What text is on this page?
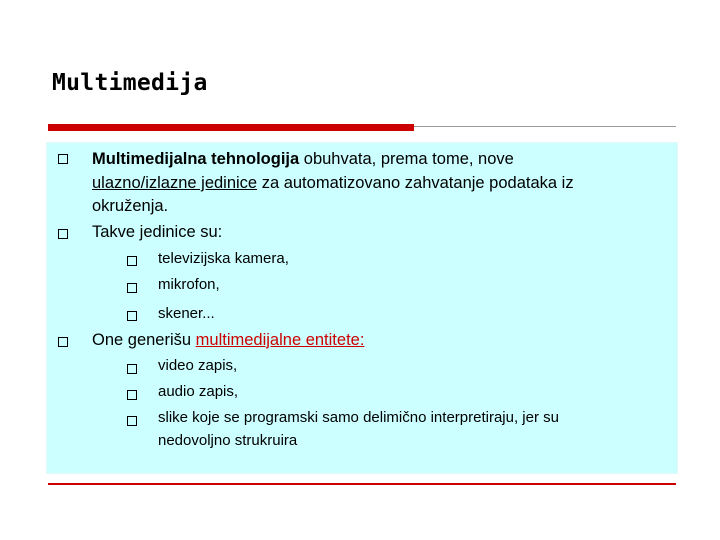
Multimedija
Multimedijalna tehnologija obuhvata, prema tome, nove
ulazno/izlazne jedinice za automatizovano zahvatanje podataka iz
okruženja.
Takve jedinice su:
televizijska kamera,
mikrofon,
skener...
One generišu multimedijalne entitete:
video zapis,
audio zapis,
slike koje se programski samo delimično interpretiraju, jer su
nedovoljno strukruira
